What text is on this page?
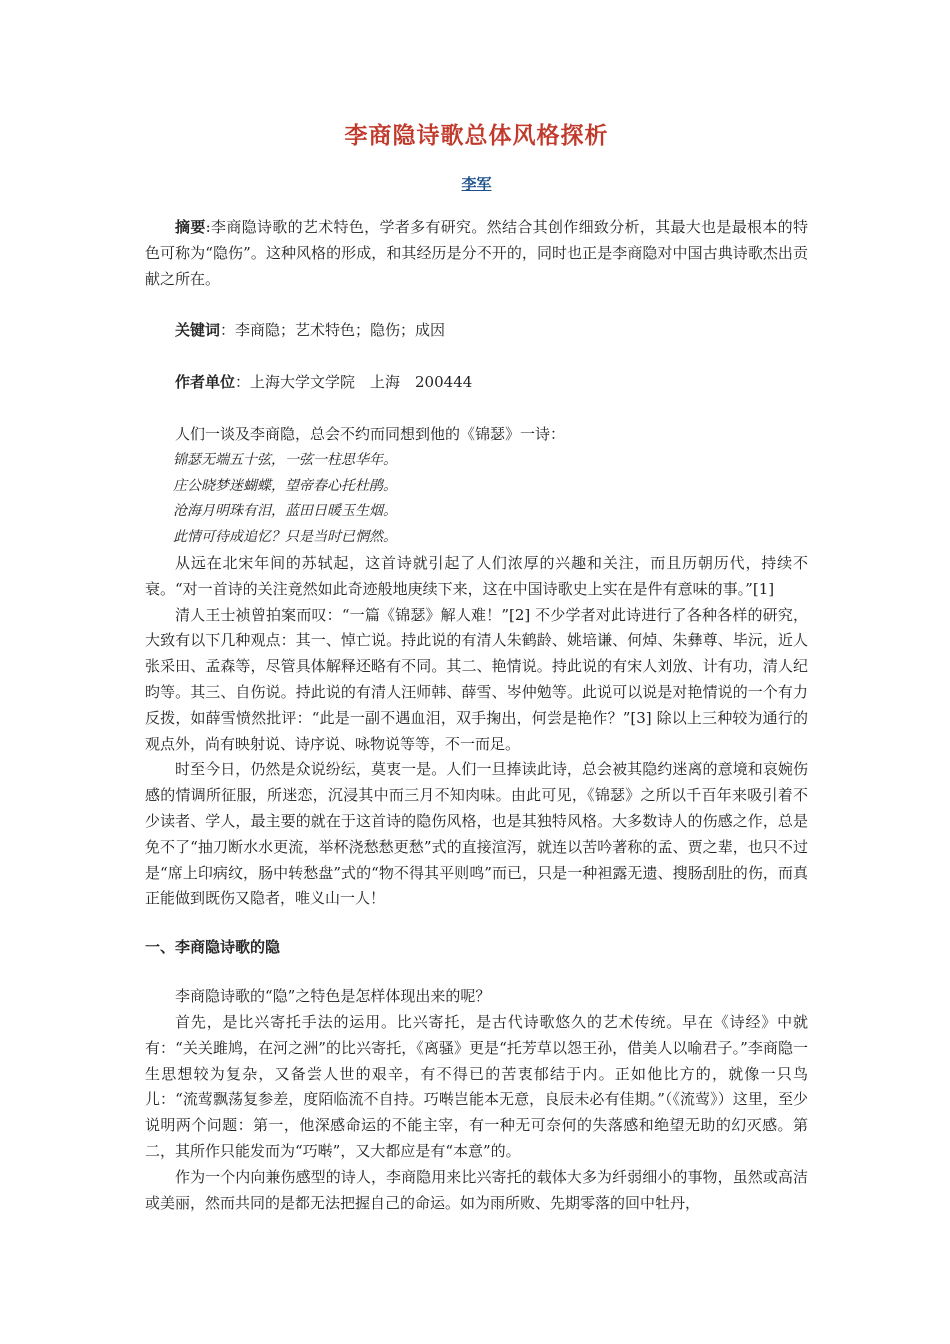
李商隐诗歌总体风格探析
李军

摘要:李商隐诗歌的艺术特色，学者多有研究。然结合其创作细致分析，其最大也是最根本的特色可称为“隐伤”。这种风格的形成，和其经历是分不开的，同时也正是李商隐对中国古典诗歌杰出贡献之所在。

关键词：李商隐；艺术特色；隐伤；成因

作者单位：上海大学文学院　上海　200444

人们一谈及李商隐，总会不约而同想到他的《锦瑟》一诗：

锦瑟无端五十弦，一弦一柱思华年。

庄公晓梦迷蝴蝶，望帝春心托杜鹃。

沧海月明珠有泪，蓝田日暖玉生烟。

此情可待成追忆？只是当时已惘然。

从远在北宋年间的苏轼起，这首诗就引起了人们浓厚的兴趣和关注，而且历朝历代，持续不衰。“对一首诗的关注竟然如此奇迹般地庚续下来，这在中国诗歌史上实在是件有意味的事。”[1]

清人王士祯曾拍案而叹：“一篇《锦瑟》解人难！”[2] 不少学者对此诗进行了各种各样的研究，大致有以下几种观点：其一、悼亡说。持此说的有清人朱鹤龄、姚培谦、何焯、朱彝尊、毕沅，近人张采田、孟森等，尽管具体解释还略有不同。其二、艳情说。持此说的有宋人刘攽、计有功，清人纪昀等。其三、自伤说。持此说的有清人汪师韩、薛雪、岑仲勉等。此说可以说是对艳情说的一个有力反拨，如薛雪愤然批评：“此是一副不遇血泪，双手掬出，何尝是艳作？”[3] 除以上三种较为通行的观点外，尚有映射说、诗序说、咏物说等等，不一而足。

时至今日，仍然是众说纷纭，莫衷一是。人们一旦捧读此诗，总会被其隐约迷离的意境和哀婉伤感的情调所征服，所迷恋，沉浸其中而三月不知肉味。由此可见，《锦瑟》之所以千百年来吸引着不少读者、学人，最主要的就在于这首诗的隐伤风格，也是其独特风格。大多数诗人的伤感之作，总是免不了“抽刀断水水更流，举杯浇愁愁更愁”式的直接渲泻，就连以苦吟著称的孟、贾之辈，也只不过是“席上印病纹，肠中转愁盘”式的“物不得其平则鸣”而已，只是一种袒露无遗、搜肠刮肚的伤，而真正能做到既伤又隐者，唯义山一人！

一、李商隐诗歌的隐

李商隐诗歌的“隐”之特色是怎样体现出来的呢？

首先，是比兴寄托手法的运用。比兴寄托，是古代诗歌悠久的艺术传统。早在《诗经》中就有：“关关雎鸠，在河之洲”的比兴寄托，《离骚》更是“托芳草以怨王孙，借美人以喻君子。”李商隐一生思想较为复杂，又备尝人世的艰辛，有不得已的苦衷郁结于内。正如他比方的，就像一只鸟儿：“流莺飘荡复参差，度陌临流不自持。巧啭岂能本无意，良辰未必有佳期。”（《流莺》）这里，至少说明两个问题：第一，他深感命运的不能主宰，有一种无可奈何的失落感和绝望无助的幻灭感。第二，其所作只能发而为“巧啭”，又大都应是有“本意”的。

作为一个内向兼伤感型的诗人，李商隐用来比兴寄托的载体大多为纤弱细小的事物，虽然或高洁或美丽，然而共同的是都无法把握自己的命运。如为雨所败、先期零落的回中牡丹，
